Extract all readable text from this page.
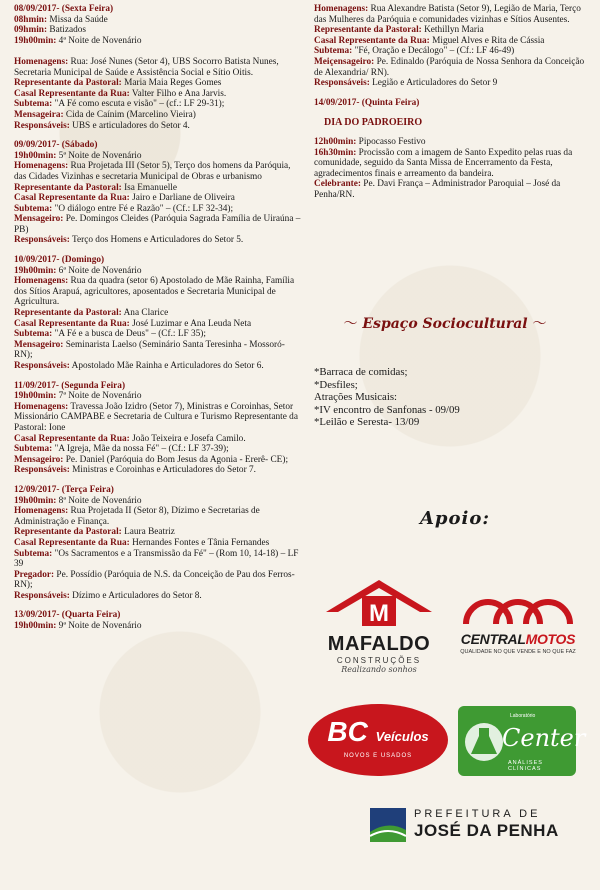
08/09/2017- (Sexta Feira)
08hmin: Missa da Saúde
09hmin: Batizados
19h00min: 4ª Noite de Novenário

Homenagens: Rua: José Nunes (Setor 4), UBS Socorro Batista Nunes, Secretaria Municipal de Saúde e Assistência Social e Sítio Oitis.
Representante da Pastoral: Maria Maia Reges Gomes
Casal Representante da Rua: Valter Filho e Ana Jarvis.
Subtema: "A Fé como escuta e visão" – (cf.: LF 29-31);
Mensageira: Cida de Caínim (Marcelino Vieira)
Responsáveis: UBS e articuladores do Setor 4.
09/09/2017- (Sábado)
19h00min: 5ª Noite de Novenário
Homenagens: Rua Projetada III (Setor 5), Terço dos homens da Paróquia, das Cidades Vizinhas e secretaria Municipal de Obras e urbanismo
Representante da Pastoral: Isa Emanuelle
Casal Representante da Rua: Jairo e Darliane de Oliveira
Subtema: "O diálogo entre Fé e Razão" – (Cf.: LF 32-34);
Mensageiro: Pe. Domingos Cleides (Paróquia Sagrada Família de Uiraúna – PB)
Responsáveis: Terço dos Homens e Articuladores do Setor 5.
10/09/2017- (Domingo)
19h00min: 6ª Noite de Novenário
Homenagens: Rua da quadra (setor 6) Apostolado de Mãe Rainha, Família dos Sítios Arapuá, agricultores, aposentados e Secretaria Municipal de Agricultura.
Representante da Pastoral: Ana Clarice
Casal Representante da Rua: José Luzimar e Ana Leuda Neta
Subtema: "A Fé e a busca de Deus" – (Cf.: LF 35);
Mensageiro: Seminarista Laelso (Seminário Santa Teresinha - Mossoró- RN);
Responsáveis: Apostolado Mãe Rainha e Articuladores do Setor 6.
11/09/2017- (Segunda Feira)
19h00min: 7ª Noite de Novenário
Homenagens: Travessa João Izidro (Setor 7), Ministras e Coroinhas, Setor Missionário CAMPABE e Secretaria de Cultura e Turismo Representante da Pastoral: Ione
Casal Representante da Rua: João Teixeira e Josefa Camilo.
Subtema: "A Igreja, Mãe da nossa Fé" – (Cf.: LF 37-39);
Mensageiro: Pe. Daniel (Paróquia do Bom Jesus da Agonia - Ererê- CE);
Responsáveis: Ministras e Coroinhas e Articuladores do Setor 7.
12/09/2017- (Terça Feira)
19h00min: 8ª Noite de Novenário
Homenagens: Rua Projetada II (Setor 8), Dízimo e Secretarias de Administração e Finança.
Representante da Pastoral: Laura Beatriz
Casal Representante da Rua: Hernandes Fontes e Tânia Fernandes
Subtema: "Os Sacramentos e a Transmissão da Fé" – (Rom 10, 14-18) – LF 39
Pregador: Pe. Possídio (Paróquia de N.S. da Conceição de Pau dos Ferros- RN);
Responsáveis: Dízimo e Articuladores do Setor 8.
13/09/2017- (Quarta Feira)
19h00min: 9ª Noite de Novenário
Homenagens: Rua Alexandre Batista (Setor 9), Legião de Maria, Terço das Mulheres da Paróquia e comunidades vizinhas e Sítios Ausentes.
Representante da Pastoral: Kethillyn Maria
Casal Representante da Rua: Miguel Alves e Rita de Cássia
Subtema: "Fé, Oração e Decálogo" – (Cf.: LF 46-49)
Meiçensageiro: Pe. Edinaldo (Paróquia de Nossa Senhora da Conceição de Alexandria/ RN).
Responsáveis: Legião e Articuladores do Setor 9
14/09/2017- (Quinta Feira)
DIA DO PADROEIRO
12h00min: Pipocasso Festivo
16h30min: Procissão com a imagem de Santo Expedito pelas ruas da comunidade, seguido da Santa Missa de Encerramento da Festa, agradecimentos finais e arreamento da bandeira.
Celebrante: Pe. Davi França – Administrador Paroquial – José da Penha/RN.
〜 Espaço Sociocultural 〜
*Barraca de comidas;
*Desfiles;
Atrações Musicais:
*IV encontro de Sanfonas - 09/09
*Leilão e Seresta- 13/09
Apoio:
M
MAFALDO
CONSTRUÇÕES
Realizando sonhos
CENTRALMOTOS
QUALIDADE NO QUE VENDE E NO QUE FAZ
BC Veículos
NOVOS E USADOS
Laboratório
Center
ANÁLISES CLÍNICAS
PREFEITURA DE
JOSÉ DA PENHA
